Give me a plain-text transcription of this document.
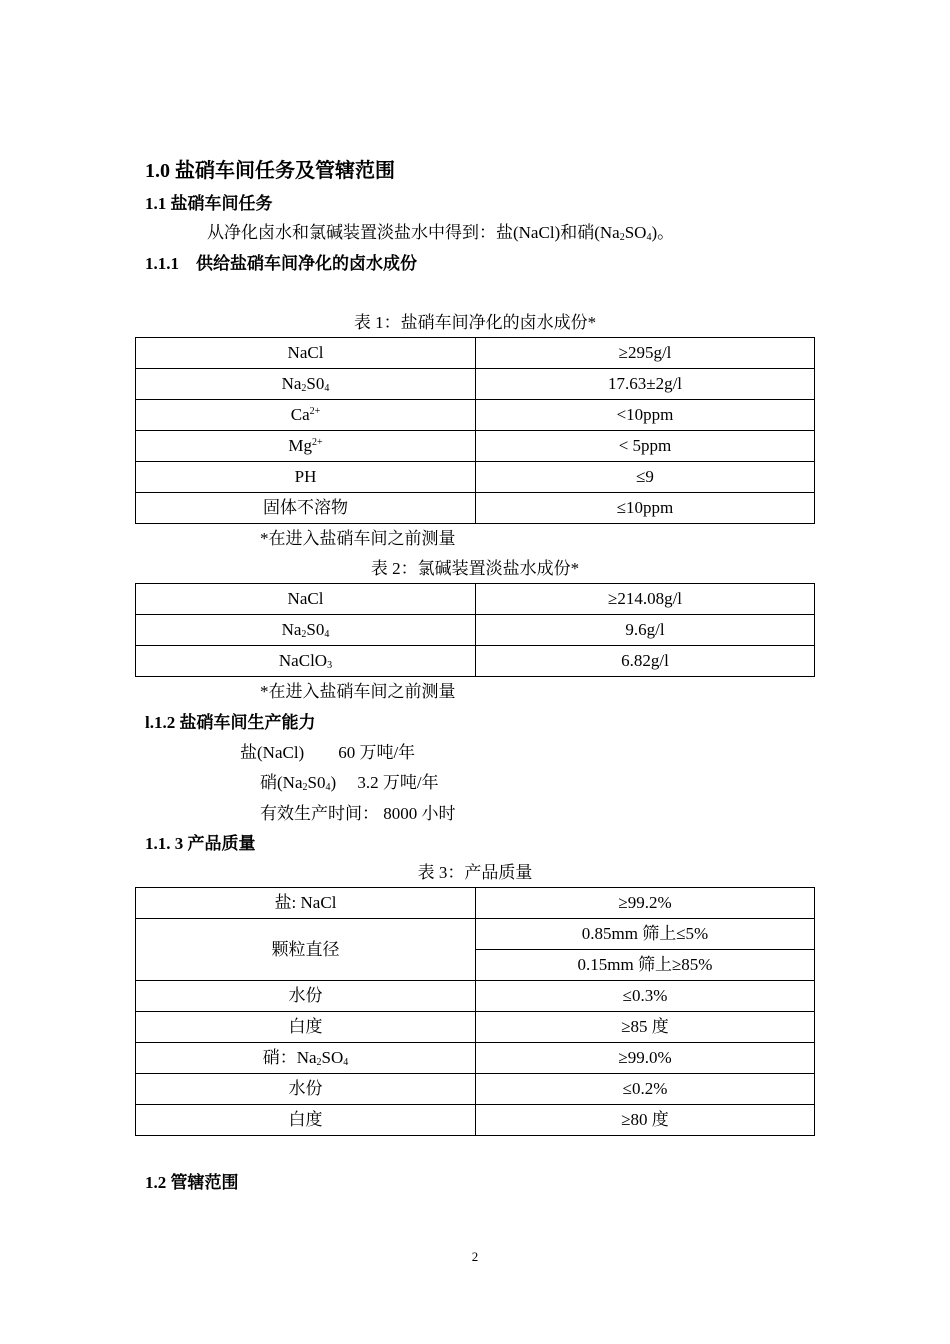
1.0 盐硝车间任务及管辖范围
1.1 盐硝车间任务
从净化卤水和氯碱装置淡盐水中得到：盐(NaCl)和硝$(Na_2SO_4)$。
1.1.1　供给盐硝车间净化的卤水成份
表 1：盐硝车间净化的卤水成份*
NaCl	≥295g/l
$Na_2S0_4$	17.63±2g/l
$Ca^{2+}$	<10ppm
$Mg^{2+}$	< 5ppm
PH	≤9
固体不溶物	≤10ppm
*在进入盐硝车间之前测量
表 2：氯碱装置淡盐水成份*
NaCl	≥214.08g/l
$Na_2S0_4$	9.6g/l
NaClO$_3$	6.82g/l
*在进入盐硝车间之前测量
l.1.2 盐硝车间生产能力
盐(NaCl)　　60 万吨/年
硝$(Na_2S0_4)$　 3.2 万吨/年
有效生产时间： 8000 小时
1.1. 3 产品质量
表 3：产品质量
盐: NaCl	≥99.2%
颗粒直径	0.85mm 筛上≤5%
	0.15mm 筛上≥85%
水份	≤0.3%
白度	≥85 度
硝：$Na_2SO_4$	≥99.0%
水份	≤0.2%
白度	≥80 度
1.2 管辖范围
2
